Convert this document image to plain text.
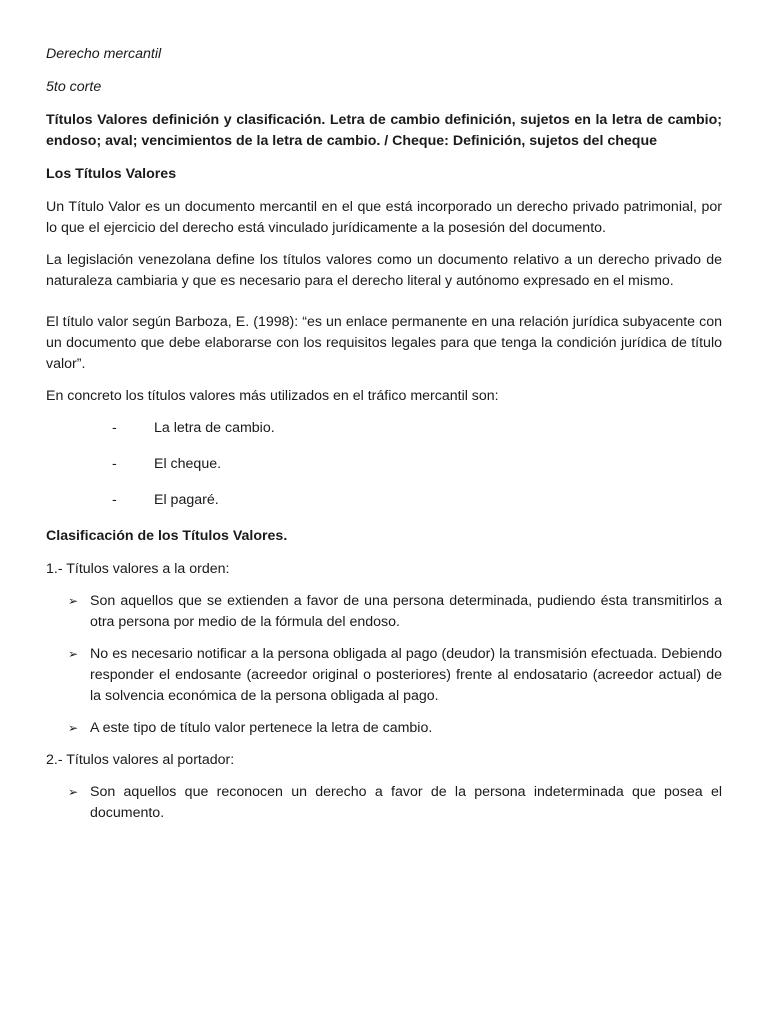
Derecho mercantil

5to corte

Títulos Valores definición y clasificación. Letra de cambio definición, sujetos en la letra de cambio; endoso; aval; vencimientos de la letra de cambio. / Cheque: Definición, sujetos del cheque

Los Títulos Valores

Un Título Valor es un documento mercantil en el que está incorporado un derecho privado patrimonial, por lo que el ejercicio del derecho está vinculado jurídicamente a la posesión del documento.

La legislación venezolana define los títulos valores como un documento relativo a un derecho privado de naturaleza cambiaria y que es necesario para el derecho literal y autónomo expresado en el mismo.

El título valor según Barboza, E. (1998): “es un enlace permanente en una relación jurídica subyacente con un documento que debe elaborarse con los requisitos legales para que tenga la condición jurídica de título valor”.

En concreto los títulos valores más utilizados en el tráfico mercantil son:

-	La letra de cambio.
-	El cheque.
-	El pagaré.

Clasificación de los Títulos Valores.

1.- Títulos valores a la orden:

➢ Son aquellos que se extienden a favor de una persona determinada, pudiendo ésta transmitirlos a otra persona por medio de la fórmula del endoso.
➢ No es necesario notificar a la persona obligada al pago (deudor) la transmisión efectuada. Debiendo responder el endosante (acreedor original o posteriores) frente al endosatario (acreedor actual) de la solvencia económica de la persona obligada al pago.
➢ A este tipo de título valor pertenece la letra de cambio.

2.- Títulos valores al portador:

➢ Son aquellos que reconocen un derecho a favor de la persona indeterminada que posea el documento.
